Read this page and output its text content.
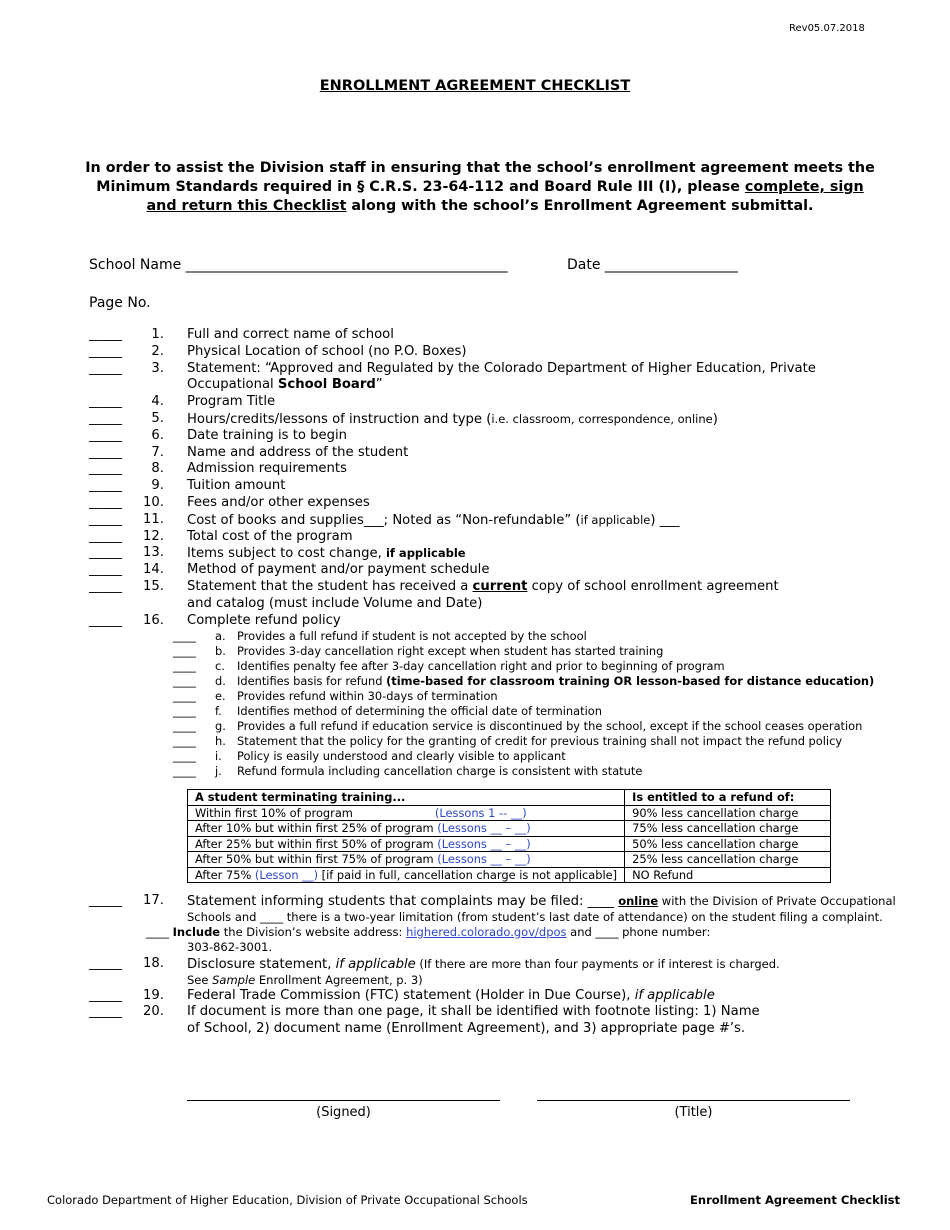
Rev05.07.2018
ENROLLMENT AGREEMENT CHECKLIST
In order to assist the Division staff in ensuring that the school’s enrollment agreement meets the Minimum Standards required in § C.R.S. 23-64-112 and Board Rule III (I), please complete, sign and return this Checklist along with the school’s Enrollment Agreement submittal.
School Name ______________________________________________	Date ___________________
Page No.
_____	1. Full and correct name of school
_____	2. Physical Location of school (no P.O. Boxes)
_____	3. Statement: “Approved and Regulated by the Colorado Department of Higher Education, Private
Occupational School Board”
_____	4. Program Title
_____	5. Hours/credits/lessons of instruction and type (i.e. classroom, correspondence, online)
_____	6. Date training is to begin
_____	7. Name and address of the student
_____	8. Admission requirements
_____	9. Tuition amount
_____ 10. Fees and/or other expenses
_____ 11. Cost of books and supplies___; Noted as “Non-refundable” (if applicable) ___
_____ 12. Total cost of the program
_____ 13. Items subject to cost change, if applicable
_____ 14. Method of payment and/or payment schedule
_____ 15. Statement that the student has received a current copy of school enrollment agreement
and catalog (must include Volume and Date)
_____ 16. Complete refund policy
____ a. Provides a full refund if student is not accepted by the school
____ b. Provides 3-day cancellation right except when student has started training
____ c. Identifies penalty fee after 3-day cancellation right and prior to beginning of program
____ d. Identifies basis for refund (time-based for classroom training OR lesson-based for distance education)
____ e. Provides refund within 30-days of termination
____ f.	Identifies method of determining the official date of termination
____ g. Provides a full refund if education service is discontinued by the school, except if the school ceases operation
____ h. Statement that the policy for the granting of credit for previous training shall not impact the refund policy
____ i.	Policy is easily understood and clearly visible to applicant
____ j.	Refund formula including cancellation charge is consistent with statute
A student terminating training...	Is entitled to a refund of:
Within first 10% of program (Lessons 1 -- __)	90% less cancellation charge
After 10% but within first 25% of program (Lessons __ – __)	75% less cancellation charge
After 25% but within first 50% of program (Lessons __ – __)	50% less cancellation charge
After 50% but within first 75% of program (Lessons __ – __)	25% less cancellation charge
After 75% (Lesson __) [if paid in full, cancellation charge is not applicable]	NO Refund
_____ 17. Statement informing students that complaints may be filed: ____ online with the Division of Private Occupational
Schools and ____ there is a two-year limitation (from student’s last date of attendance) on the student filing a complaint.
____ Include the Division’s website address: highered.colorado.gov/dpos and ____ phone number:
303-862-3001.
_____ 18. Disclosure statement, if applicable (If there are more than four payments or if interest is charged.
See Sample Enrollment Agreement, p. 3)
_____ 19. Federal Trade Commission (FTC) statement (Holder in Due Course), if applicable
_____ 20. If document is more than one page, it shall be identified with footnote listing: 1) Name
of School, 2) document name (Enrollment Agreement), and 3) appropriate page #’s.
(Signed)	(Title)
Colorado Department of Higher Education, Division of Private Occupational Schools	Enrollment Agreement Checklist
